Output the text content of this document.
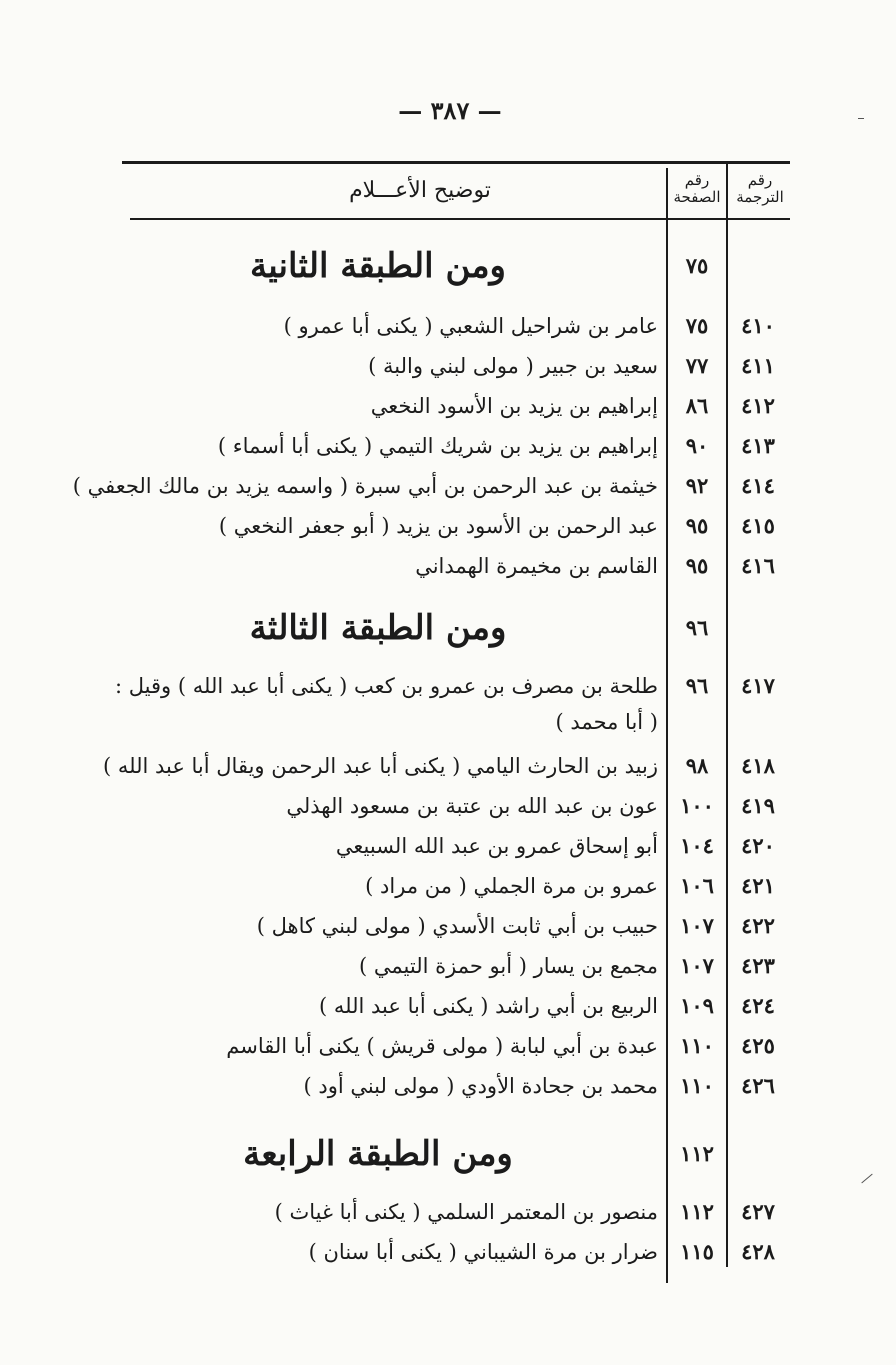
— ٣٨٧ —
توضيح الأعـــلام	رقم
الترجمة
رقم
الصفحة
٧٥
ومن الطبقة الثانية
٤١٠
٧٥
عامر بن شراحيل الشعبي ( يكنى أبا عمرو )
٤١١
٧٧
سعيد بن جبير ( مولى لبني والبة )
٤١٢
٨٦
إبراهيم بن يزيد بن الأسود النخعي
٤١٣
٩٠
إبراهيم بن يزيد بن شريك التيمي ( يكنى أبا أسماء )
٤١٤
٩٢
خيثمة بن عبد الرحمن بن أبي سبرة ( واسمه يزيد بن مالك الجعفي )
٤١٥
٩٥
عبد الرحمن بن الأسود بن يزيد ( أبو جعفر النخعي )
٤١٦
٩٥
القاسم بن مخيمرة الهمداني
٩٦
ومن الطبقة الثالثة
٤١٧
٩٦
طلحة بن مصرف بن عمرو بن كعب ( يكنى أبا عبد الله ) وقيل :
( أبا محمد )
٤١٨
٩٨
زبيد بن الحارث اليامي ( يكنى أبا عبد الرحمن ويقال أبا عبد الله )
٤١٩
١٠٠
عون بن عبد الله بن عتبة بن مسعود الهذلي
٤٢٠
١٠٤
أبو إسحاق عمرو بن عبد الله السبيعي
٤٢١
١٠٦
عمرو بن مرة الجملي ( من مراد )
٤٢٢
١٠٧
حبيب بن أبي ثابت الأسدي ( مولى لبني كاهل )
٤٢٣
١٠٧
مجمع بن يسار ( أبو حمزة التيمي )
٤٢٤
١٠٩
الربيع بن أبي راشد ( يكنى أبا عبد الله )
٤٢٥
١١٠
عبدة بن أبي لبابة ( مولى قريش ) يكنى أبا القاسم
٤٢٦
١١٠
محمد بن جحادة الأودي ( مولى لبني أود )
١١٢
ومن الطبقة الرابعة
٤٢٧
١١٢
منصور بن المعتمر السلمي ( يكنى أبا غياث )
٤٢٨
١١٥
ضرار بن مرة الشيباني ( يكنى أبا سنان )
